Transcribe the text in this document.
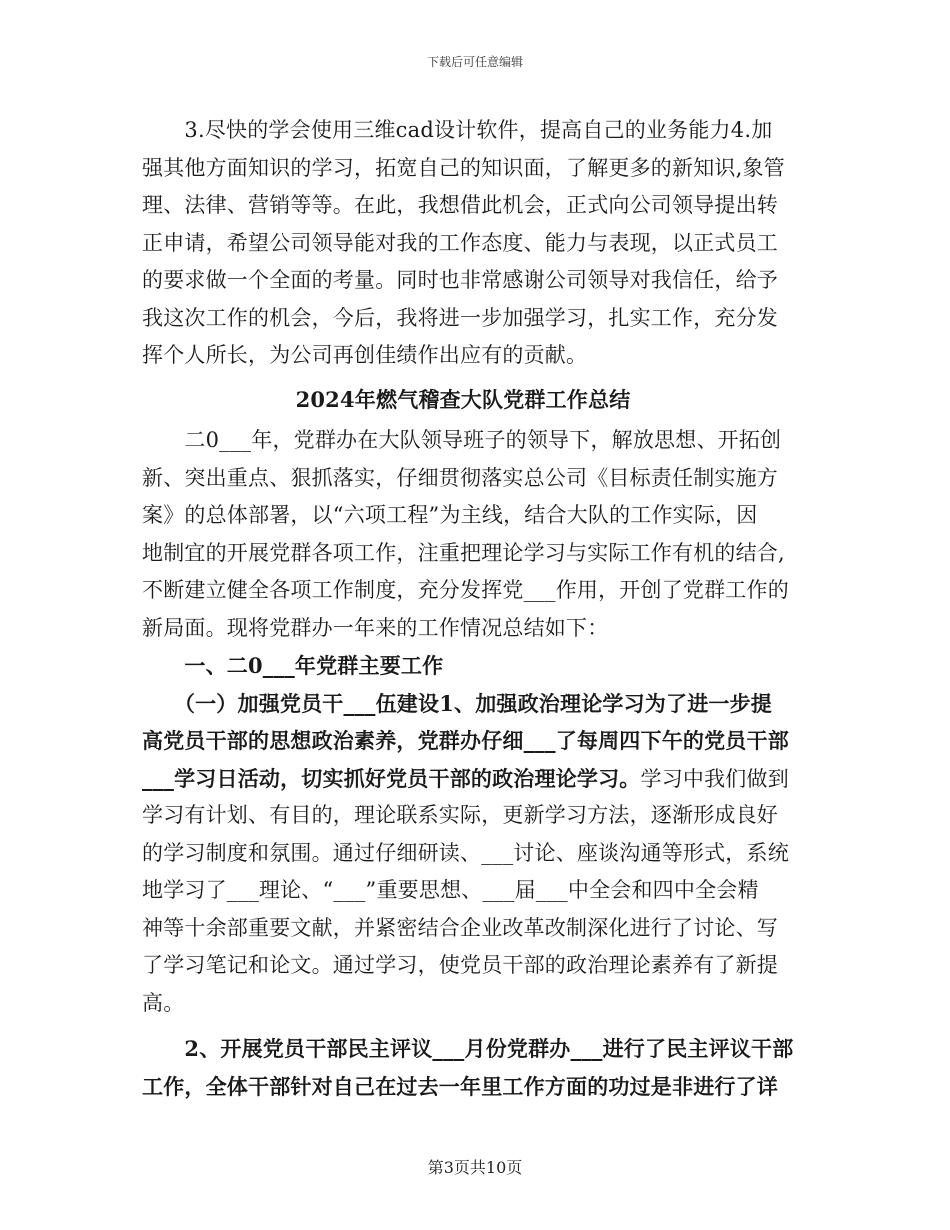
下载后可任意编辑
　　3.尽快的学会使用三维cad设计软件，提高自己的业务能力4.加
强其他方面知识的学习，拓宽自己的知识面，了解更多的新知识,象管
理、法律、营销等等。在此，我想借此机会，正式向公司领导提出转
正申请，希望公司领导能对我的工作态度、能力与表现，以正式员工
的要求做一个全面的考量。同时也非常感谢公司领导对我信任，给予
我这次工作的机会，今后，我将进一步加强学习，扎实工作，充分发
挥个人所长，为公司再创佳绩作出应有的贡献。
2024年燃气稽查大队党群工作总结
　　二0___年，党群办在大队领导班子的领导下，解放思想、开拓创
新、突出重点、狠抓落实，仔细贯彻落实总公司《目标责任制实施方
案》的总体部署，以“六项工程”为主线，结合大队的工作实际，因
地制宜的开展党群各项工作，注重把理论学习与实际工作有机的结合,
不断建立健全各项工作制度，充分发挥党___作用，开创了党群工作的
新局面。现将党群办一年来的工作情况总结如下：
　　一、二0___年党群主要工作
　　（一）加强党员干___伍建设1、加强政治理论学习为了进一步提
高党员干部的思想政治素养，党群办仔细___了每周四下午的党员干部
___学习日活动，切实抓好党员干部的政治理论学习。学习中我们做到
学习有计划、有目的，理论联系实际，更新学习方法，逐渐形成良好
的学习制度和氛围。通过仔细研读、___讨论、座谈沟通等形式，系统
地学习了___理论、“___”重要思想、___届___中全会和四中全会精
神等十余部重要文献，并紧密结合企业改革改制深化进行了讨论、写
了学习笔记和论文。通过学习，使党员干部的政治理论素养有了新提
高。
　　2、开展党员干部民主评议___月份党群办___进行了民主评议干部
工作，全体干部针对自己在过去一年里工作方面的功过是非进行了详
第3页共10页
